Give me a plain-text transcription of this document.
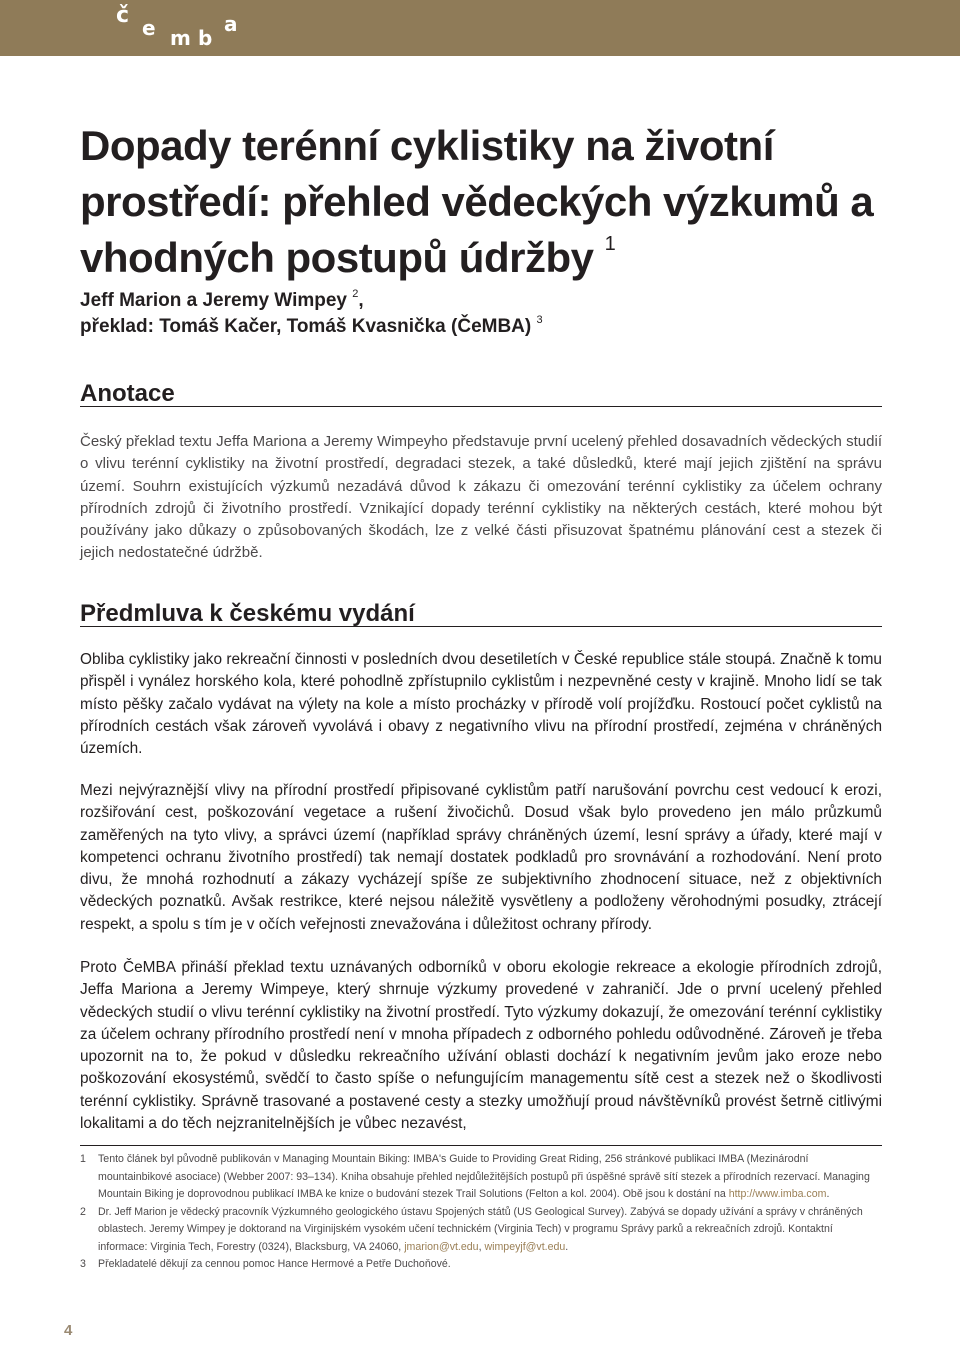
č e m b
a
Dopady terénní cyklistiky na životní prostředí: přehled vědeckých výzkumů a vhodných postupů údržby $^1$
Jeff Marion a Jeremy Wimpey $^2$,
překlad: Tomáš Kačer, Tomáš Kvasnička (ČeMBA) $^3$
Anotace

Český překlad textu Jeffa Mariona a Jeremy Wimpeyho představuje první ucelený přehled dosavadních vědeckých studií o vlivu terénní cyklistiky na životní prostředí, degradaci stezek, a také důsledků, které mají jejich zjištění na správu území. Souhrn existujících výzkumů nezadává důvod k zákazu či omezování terénní cyklistiky za účelem ochrany přírodních zdrojů či životního prostředí. Vznikající dopady terénní cyklistiky na některých cestách, které mohou být používány jako důkazy o způsobovaných škodách, lze z velké části přisuzovat špatnému plánování cest a stezek či jejich nedostatečné údržbě.

Předmluva k českému vydání

Obliba cyklistiky jako rekreační činnosti v posledních dvou desetiletích v České republice stále stoupá. Značně k tomu přispěl i vynález horského kola, které pohodlně zpřístupnilo cyklistům i nezpevněné cesty v krajině. Mnoho lidí se tak místo pěšky začalo vydávat na výlety na kole a místo procházky v přírodě volí projížďku. Rostoucí počet cyklistů na přírodních cestách však zároveň vyvolává i obavy z negativního vlivu na přírodní prostředí, zejména v chráněných územích.

Mezi nejvýraznější vlivy na přírodní prostředí připisované cyklistům patří narušování povrchu cest vedoucí k erozi, rozšiřování cest, poškozování vegetace a rušení živočichů. Dosud však bylo provedeno jen málo průzkumů zaměřených na tyto vlivy, a správci území (například správy chráněných území, lesní správy a úřady, které mají v kompetenci ochranu životního prostředí) tak nemají dostatek podkladů pro srovnávání a rozhodování. Není proto divu, že mnohá rozhodnutí a zákazy vycházejí spíše ze subjektivního zhodnocení situace, než z objektivních vědeckých poznatků. Avšak restrikce, které nejsou náležitě vysvětleny a podloženy věrohodnými posudky, ztrácejí respekt, a spolu s tím je v očích veřejnosti znevažována i důležitost ochrany přírody.

Proto ČeMBA přináší překlad textu uznávaných odborníků v oboru ekologie rekreace a ekologie přírodních zdrojů, Jeffa Mariona a Jeremy Wimpeye, který shrnuje výzkumy provedené v zahraničí. Jde o první ucelený přehled vědeckých studií o vlivu terénní cyklistiky na životní prostředí. Tyto výzkumy dokazují, že omezování terénní cyklistiky za účelem ochrany přírodního prostředí není v mnoha případech z odborného pohledu odůvodněné. Zároveň je třeba upozornit na to, že pokud v důsledku rekreačního užívání oblasti dochází k negativním jevům jako eroze nebo poškozování ekosystémů, svědčí to často spíše o nefungujícím managementu sítě cest a stezek než o škodlivosti terénní cyklistiky. Správně trasované a postavené cesty a stezky umožňují proud návštěvníků provést šetrně citlivými lokalitami a do těch nejzranitelnějších je vůbec nezavést,

1	Tento článek byl původně publikován v Managing Mountain Biking: IMBA's Guide to Providing Great Riding, 256 stránkové publikaci IMBA (Mezinárodní mountainbikové asociace) (Webber 2007: 93–134). Kniha obsahuje přehled nejdůležitějších postupů při úspěšné správě sítí stezek a přírodních rezervací. Managing Mountain Biking je doprovodnou publikací IMBA ke knize o budování stezek Trail Solutions (Felton a kol. 2004). Obě jsou k dostání na http://www.imba.com.
2	Dr. Jeff Marion je vědecký pracovník Výzkumného geologického ústavu Spojených států (US Geological Survey). Zabývá se dopady užívání a správy v chráněných oblastech. Jeremy Wimpey je doktorand na Virginijském vysokém učení technickém (Virginia Tech) v programu Správy parků a rekreačních zdrojů. Kontaktní informace: Virginia Tech, Forestry (0324), Blacksburg, VA 24060, jmarion@vt.edu, wimpeyjf@vt.edu.
3	Překladatelé děkují za cennou pomoc Hance Hermové a Petře Duchoňové.
4
